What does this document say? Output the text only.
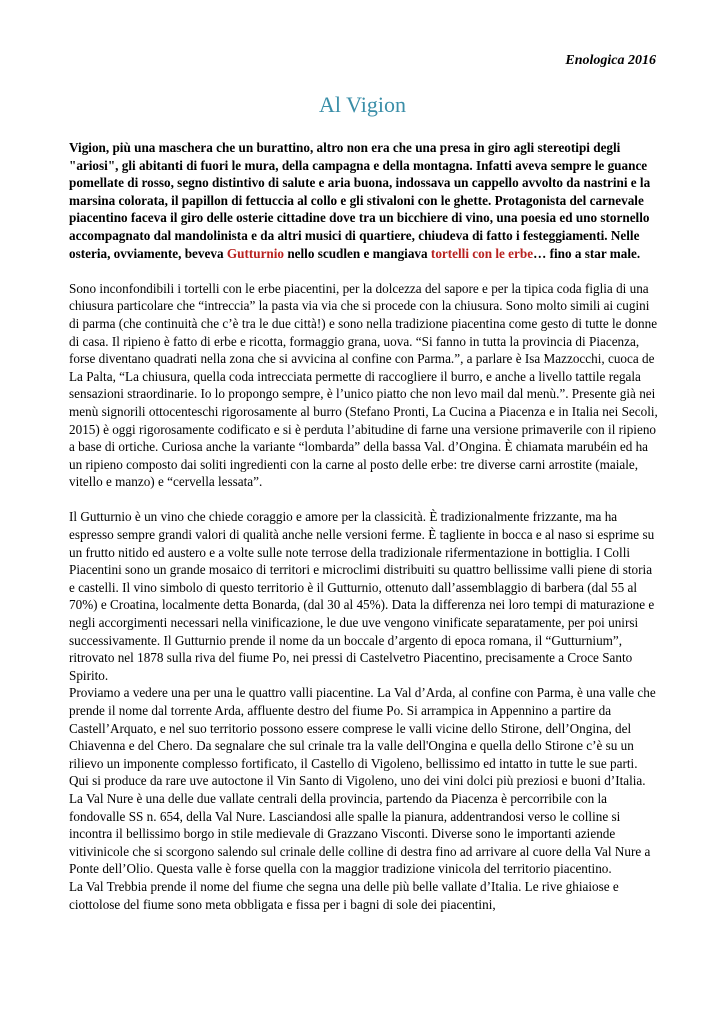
Enologica 2016
Al Vigion

Vigion, più una maschera che un burattino, altro non era che una presa in giro agli stereotipi degli "ariosi", gli abitanti di fuori le mura, della campagna e della montagna. Infatti aveva sempre le guance pomellate di rosso, segno distintivo di salute e aria buona, indossava un cappello avvolto da nastrini e la marsina colorata, il papillon di fettuccia al collo e gli stivaloni con le ghette. Protagonista del carnevale piacentino faceva il giro delle osterie cittadine dove tra un bicchiere di vino, una poesia ed uno stornello accompagnato dal mandolinista e da altri musici di quartiere, chiudeva di fatto i festeggiamenti. Nelle osteria, ovviamente, beveva Gutturnio nello scudlen e mangiava tortelli con le erbe… fino a star male.

Sono inconfondibili i tortelli con le erbe piacentini, per la dolcezza del sapore e per la tipica coda figlia di una chiusura particolare che “intreccia” la pasta via via che si procede con la chiusura. Sono molto simili ai cugini di parma (che continuità che c’è tra le due città!) e sono nella tradizione piacentina come gesto di tutte le donne di casa. Il ripieno è fatto di erbe e ricotta, formaggio grana, uova. “Si fanno in tutta la provincia di Piacenza, forse diventano quadrati nella zona che si avvicina al confine con Parma.”, a parlare è Isa Mazzocchi, cuoca de La Palta, “La chiusura, quella coda intrecciata permette di raccogliere il burro, e anche a livello tattile regala sensazioni straordinarie. Io lo propongo sempre, è l’unico piatto che non levo mail dal menù.”. Presente già nei menù signorili ottocenteschi rigorosamente al burro (Stefano Pronti, La Cucina a Piacenza e in Italia nei Secoli, 2015) è oggi rigorosamente codificato e si è perduta l’abitudine di farne una versione primaverile con il ripieno a base di ortiche. Curiosa anche la variante “lombarda” della bassa Val. d’Ongina. È chiamata marubéin ed ha un ripieno composto dai soliti ingredienti con la carne al posto delle erbe: tre diverse carni arrostite (maiale, vitello e manzo) e “cervella lessata”.

Il Gutturnio è un vino che chiede coraggio e amore per la classicità. È tradizionalmente frizzante, ma ha espresso sempre grandi valori di qualità anche nelle versioni ferme. È tagliente in bocca e al naso si esprime su un frutto nitido ed austero e a volte sulle note terrose della tradizionale rifermentazione in bottiglia. I Colli Piacentini sono un grande mosaico di territori e microclimi distribuiti su quattro bellissime valli piene di storia e castelli. Il vino simbolo di questo territorio è il Gutturnio, ottenuto dall’assemblaggio di barbera (dal 55 al 70%) e Croatina, localmente detta Bonarda, (dal 30 al 45%). Data la differenza nei loro tempi di maturazione e negli accorgimenti necessari nella vinificazione, le due uve vengono vinificate separatamente, per poi unirsi successivamente. Il Gutturnio prende il nome da un boccale d’argento di epoca romana, il “Gutturnium”, ritrovato nel 1878 sulla riva del fiume Po, nei pressi di Castelvetro Piacentino, precisamente a Croce Santo Spirito.

Proviamo a vedere una per una le quattro valli piacentine. La Val d’Arda, al confine con Parma, è una valle che prende il nome dal torrente Arda, affluente destro del fiume Po. Si arrampica in Appennino a partire da Castell’Arquato, e nel suo territorio possono essere comprese le valli vicine dello Stirone, dell’Ongina, del Chiavenna e del Chero. Da segnalare che sul crinale tra la valle dell'Ongina e quella dello Stirone c’è su un rilievo un imponente complesso fortificato, il Castello di Vigoleno, bellissimo ed intatto in tutte le sue parti. Qui si produce da rare uve autoctone il Vin Santo di Vigoleno, uno dei vini dolci più preziosi e buoni d’Italia.

La Val Nure è una delle due vallate centrali della provincia, partendo da Piacenza è percorribile con la fondovalle SS n. 654, della Val Nure. Lasciandosi alle spalle la pianura, addentrandosi verso le colline si incontra il bellissimo borgo in stile medievale di Grazzano Visconti. Diverse sono le importanti aziende vitivinicole che si scorgono salendo sul crinale delle colline di destra fino ad arrivare al cuore della Val Nure a Ponte dell’Olio. Questa valle è forse quella con la maggior tradizione vinicola del territorio piacentino.

La Val Trebbia prende il nome del fiume che segna una delle più belle vallate d’Italia. Le rive ghiaiose e ciottolose del fiume sono meta obbligata e fissa per i bagni di sole dei piacentini,
